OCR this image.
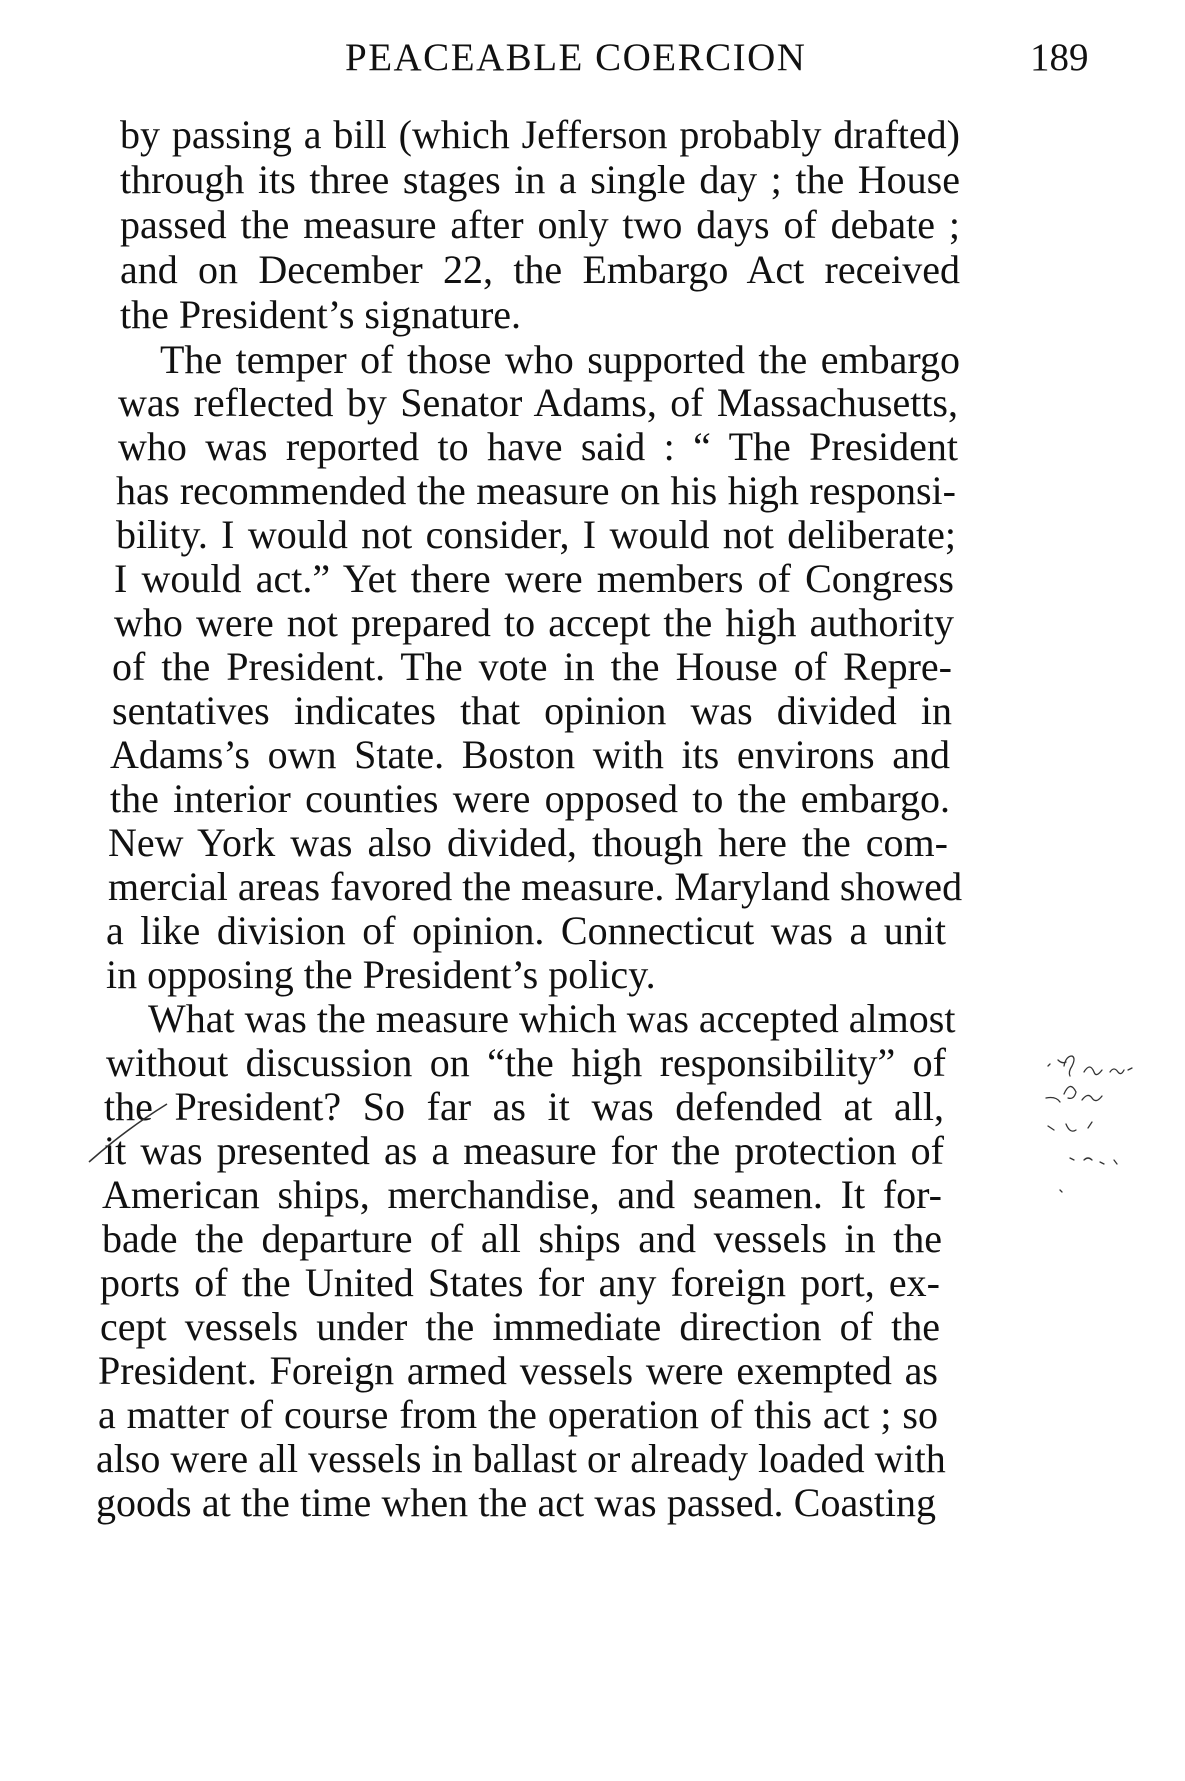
PEACEABLE COERCION	189
by passing a bill (which Jefferson probably drafted)
through its three stages in a single day ; the House
passed the measure after only two days of debate ;
and on December 22, the Embargo Act received
the President’s signature.
The temper of those who supported the embargo
was reflected by Senator Adams, of Massachusetts,
who was reported to have said : “ The President
has recommended the measure on his high responsi-
bility. I would not consider, I would not deliberate;
I would act.” Yet there were members of Congress
who were not prepared to accept the high authority
of the President. The vote in the House of Repre-
sentatives indicates that opinion was divided in
Adams’s own State. Boston with its environs and
the interior counties were opposed to the embargo.
New York was also divided, though here the com-
mercial areas favored the measure. Maryland showed
a like division of opinion. Connecticut was a unit
in opposing the President’s policy.
What was the measure which was accepted almost
without discussion on “the high responsibility” of
the President? So far as it was defended at all,
it was presented as a measure for the protection of
American ships, merchandise, and seamen. It for-
bade the departure of all ships and vessels in the
ports of the United States for any foreign port, ex-
cept vessels under the immediate direction of the
President. Foreign armed vessels were exempted as
a matter of course from the operation of this act ; so
also were all vessels in ballast or already loaded with
goods at the time when the act was passed. Coasting
